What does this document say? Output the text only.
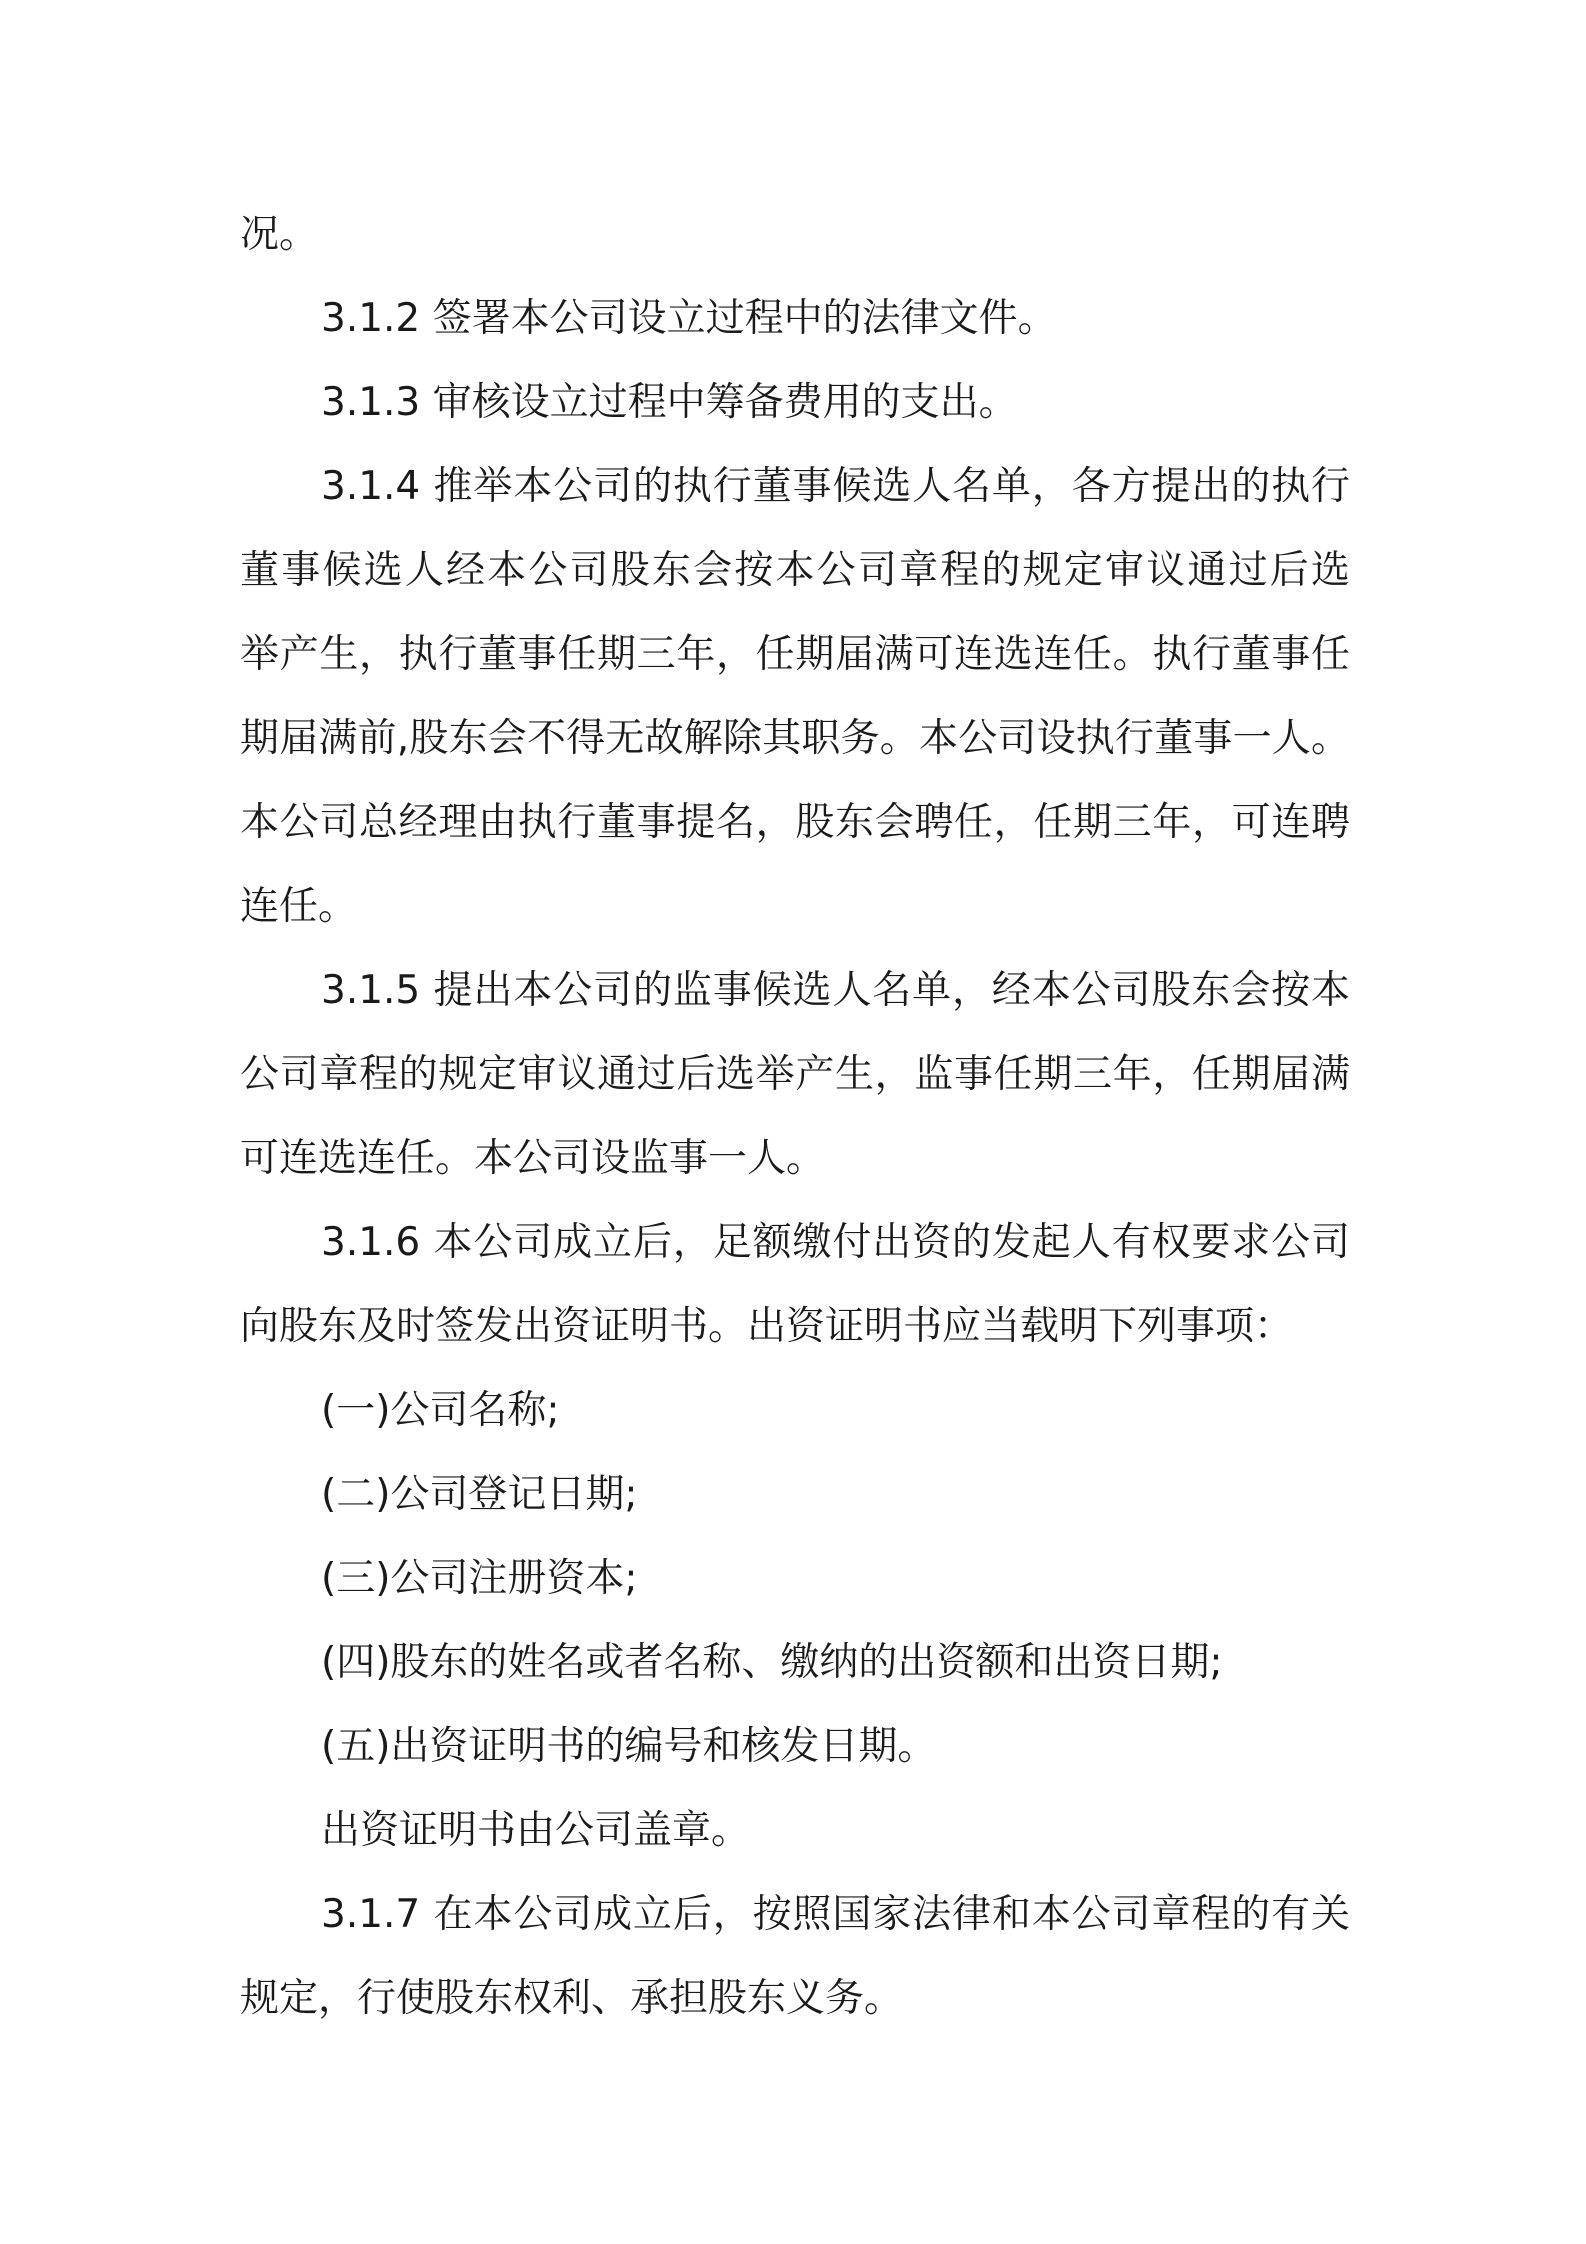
况。
3.1.2 签署本公司设立过程中的法律文件。
3.1.3 审核设立过程中筹备费用的支出。
3.1.4 推举本公司的执行董事候选人名单，各方提出的执行
董事候选人经本公司股东会按本公司章程的规定审议通过后选
举产生，执行董事任期三年，任期届满可连选连任。执行董事任
期届满前,股东会不得无故解除其职务。本公司设执行董事一人。
本公司总经理由执行董事提名，股东会聘任，任期三年，可连聘
连任。
3.1.5 提出本公司的监事候选人名单，经本公司股东会按本
公司章程的规定审议通过后选举产生，监事任期三年，任期届满
可连选连任。本公司设监事一人。
3.1.6 本公司成立后，足额缴付出资的发起人有权要求公司
向股东及时签发出资证明书。出资证明书应当载明下列事项：
(一)公司名称;
(二)公司登记日期;
(三)公司注册资本;
(四)股东的姓名或者名称、缴纳的出资额和出资日期;
(五)出资证明书的编号和核发日期。
出资证明书由公司盖章。
3.1.7 在本公司成立后，按照国家法律和本公司章程的有关
规定，行使股东权利、承担股东义务。
